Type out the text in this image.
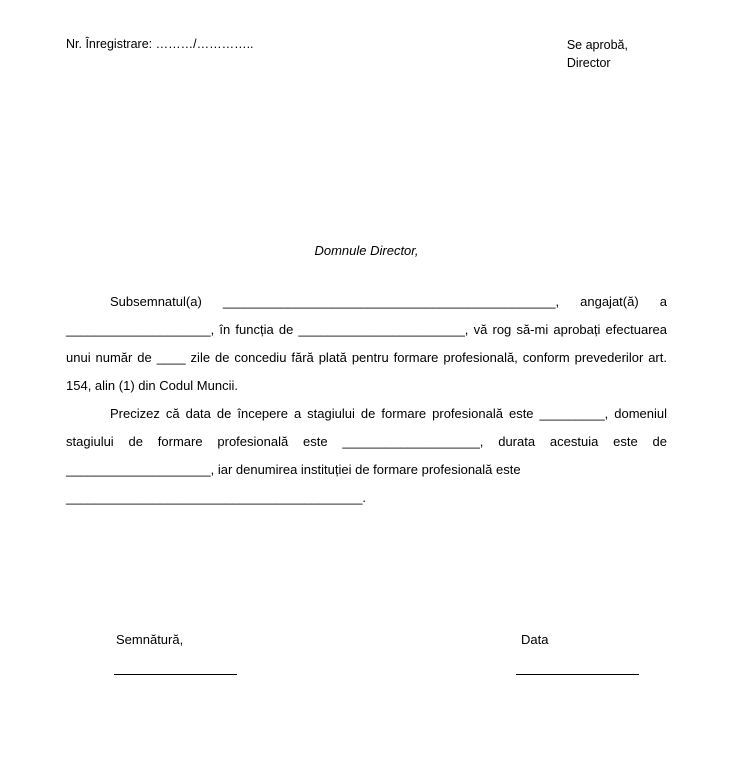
Nr. Înregistrare: ………/…………..	Se aprobă,
Director
Domnule Director,

Subsemnatul(a) ______________________________________________, angajat(ă) a ____________________, în funcția de _______________________, vă rog să-mi aprobați efectuarea unui număr de ____ zile de concediu fără plată pentru formare profesională, conform prevederilor art. 154, alin (1) din Codul Muncii.

Precizez că data de începere a stagiului de formare profesională este _________, domeniul stagiului de formare profesională este ___________________, durata acestuia este de ____________________, iar denumirea instituției de formare profesională este

_________________________________________.

Semnătură,	Data
